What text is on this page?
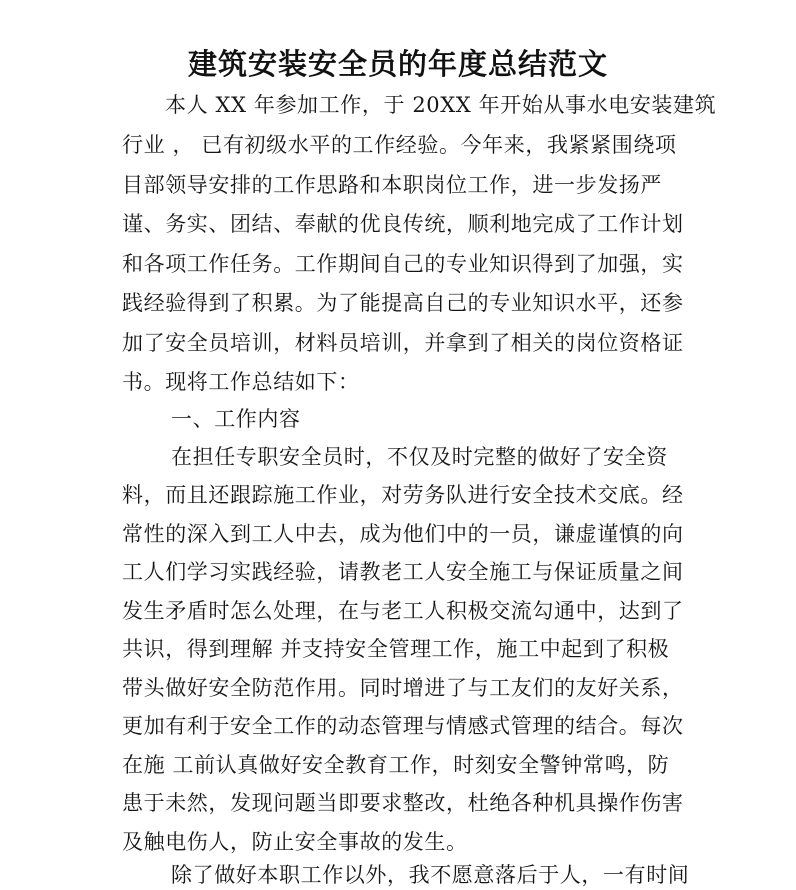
建筑安装安全员的年度总结范文
本人 XX 年参加工作，于 20XX 年开始从事水电安装建筑
行业 ， 已有初级水平的工作经验。今年来，我紧紧围绕项
目部领导安排的工作思路和本职岗位工作，进一步发扬严
谨、务实、团结、奉献的优良传统，顺利地完成了工作计划
和各项工作任务。工作期间自己的专业知识得到了加强，实
践经验得到了积累。为了能提高自己的专业知识水平，还参
加了安全员培训，材料员培训，并拿到了相关的岗位资格证
书。现将工作总结如下：
一、工作内容
在担任专职安全员时，不仅及时完整的做好了安全资
料，而且还跟踪施工作业，对劳务队进行安全技术交底。经
常性的深入到工人中去，成为他们中的一员，谦虚谨慎的向
工人们学习实践经验，请教老工人安全施工与保证质量之间
发生矛盾时怎么处理，在与老工人积极交流勾通中，达到了
共识，得到理解 并支持安全管理工作，施工中起到了积极
带头做好安全防范作用。同时增进了与工友们的友好关系，
更加有利于安全工作的动态管理与情感式管理的结合。每次
在施 工前认真做好安全教育工作，时刻安全警钟常鸣，防
患于未然，发现问题当即要求整改，杜绝各种机具操作伤害
及触电伤人，防止安全事故的发生。
除了做好本职工作以外，我不愿意落后于人，一有时间
